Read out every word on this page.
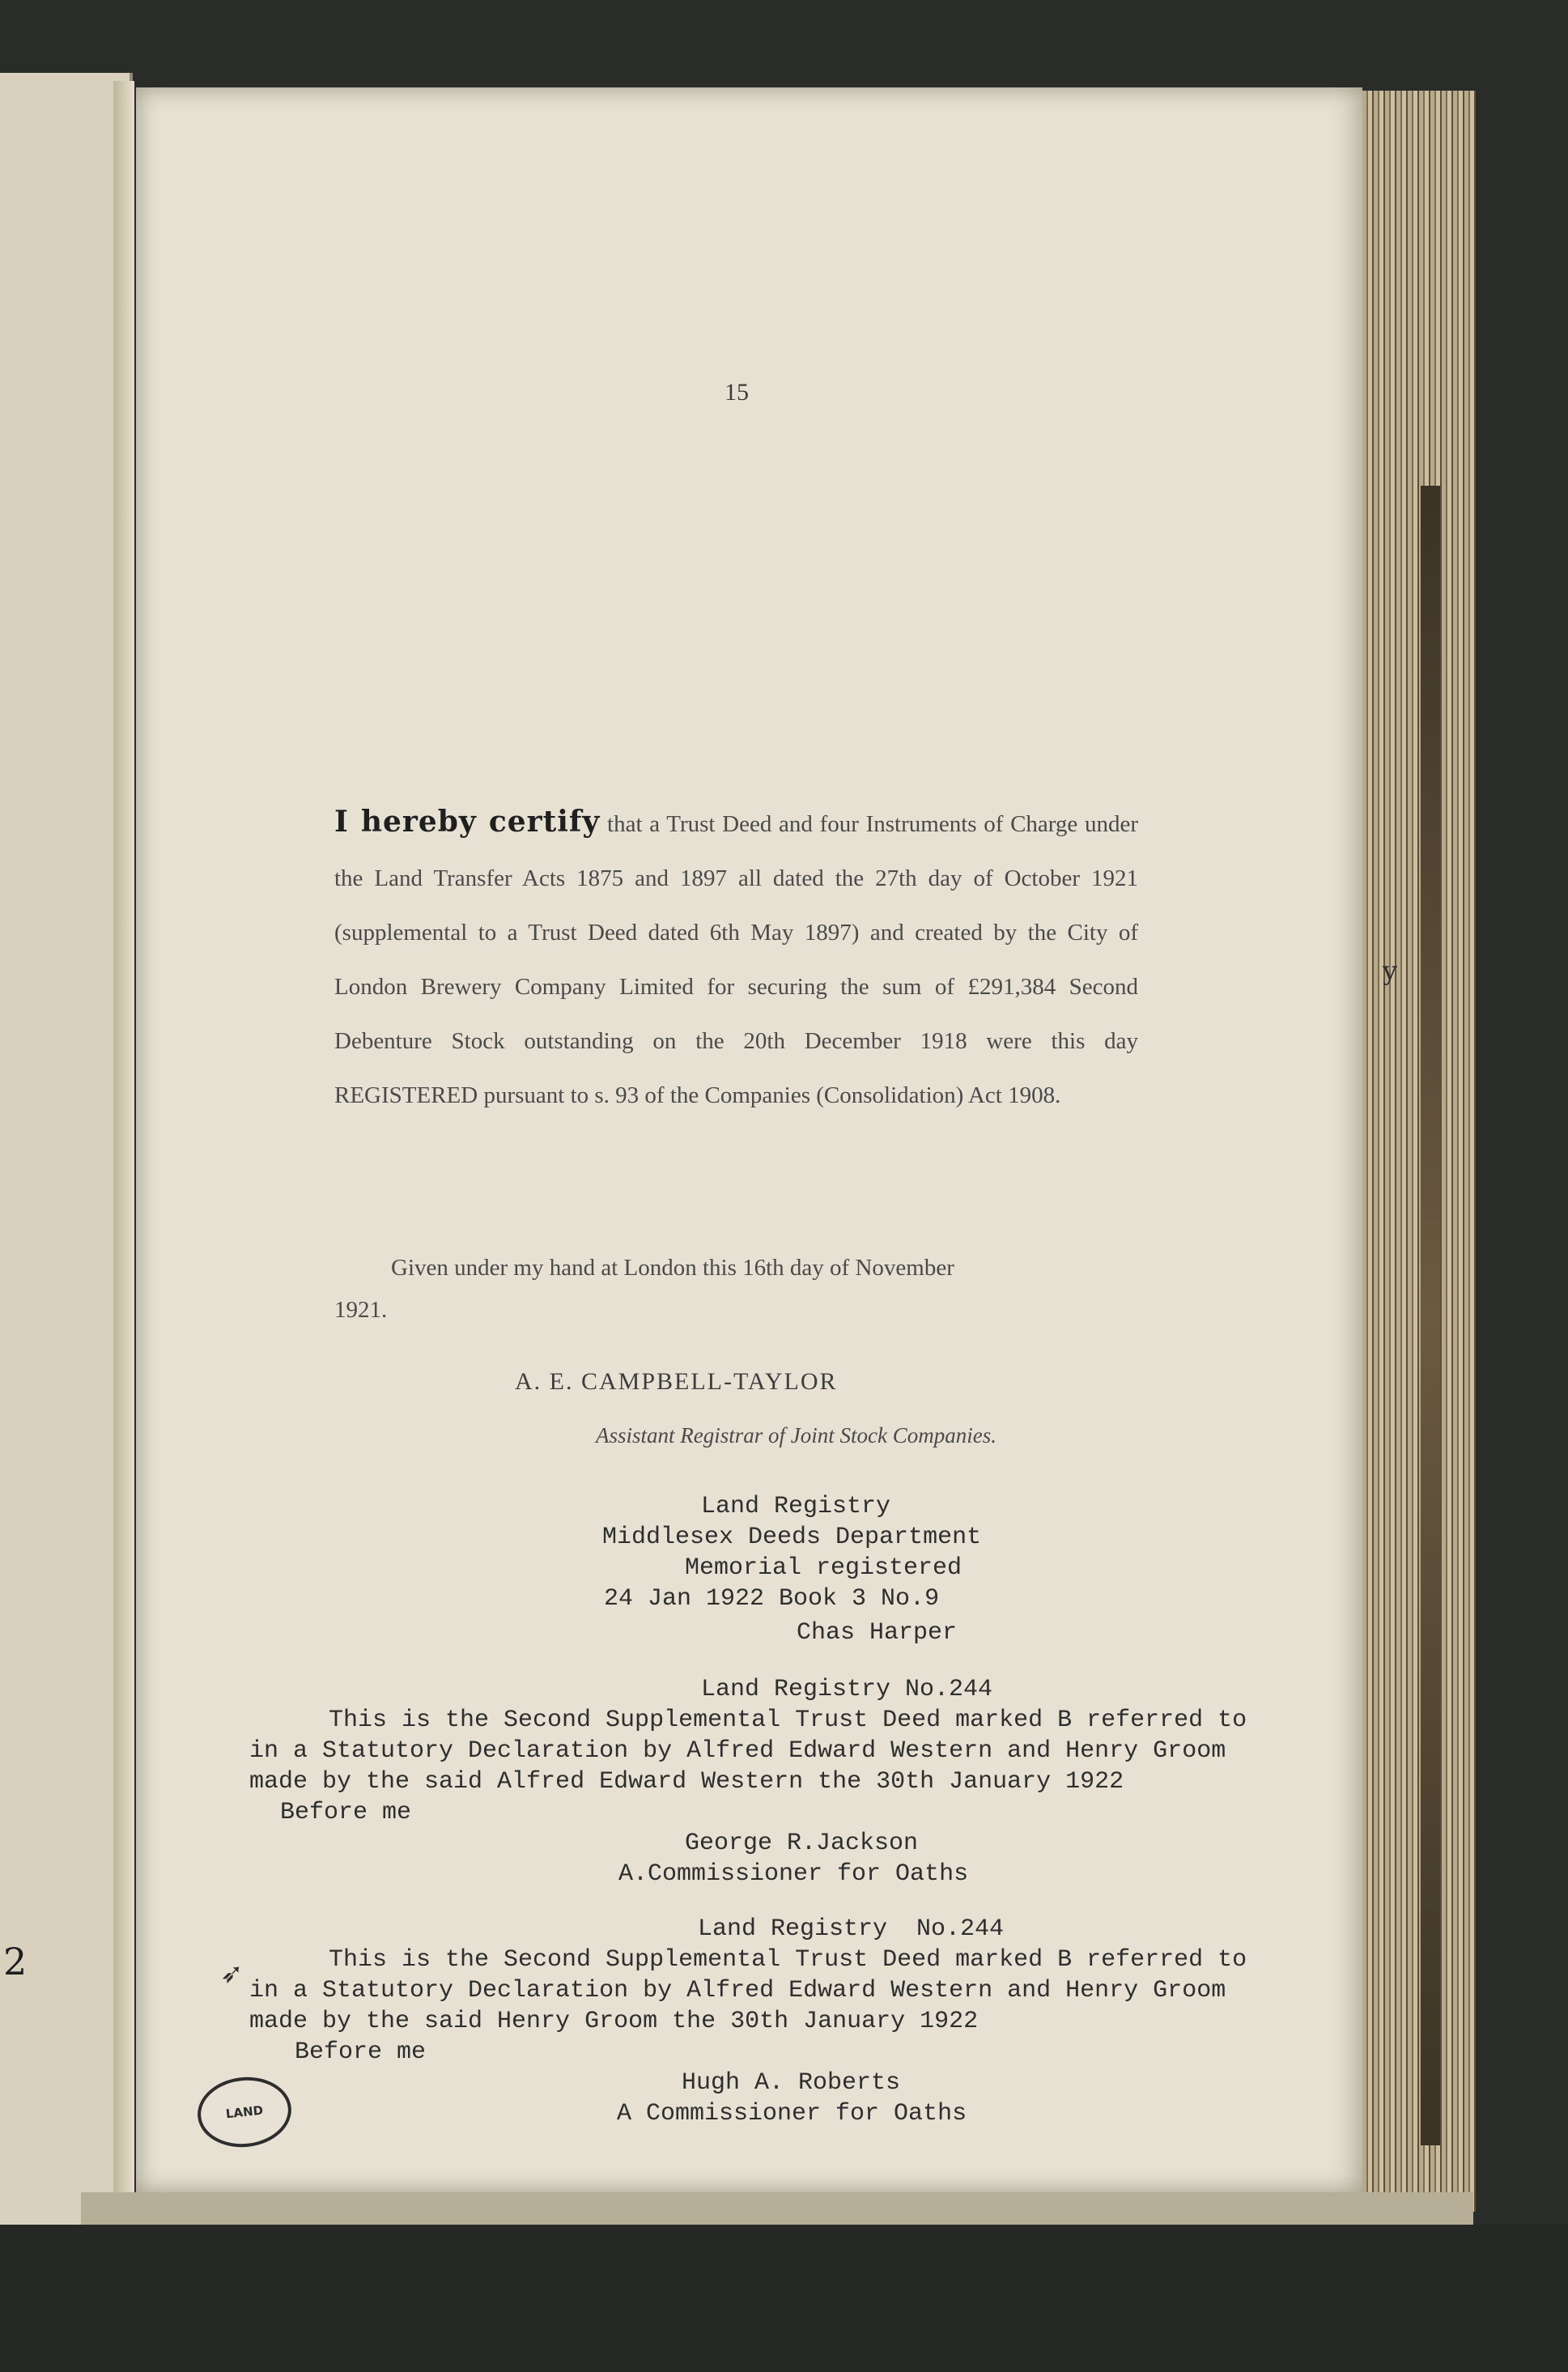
15
I hereby certify that a Trust Deed and four Instruments of Charge under the Land Transfer Acts 1875 and 1897 all dated the 27th day of October 1921 (supplemental to a Trust Deed dated 6th May 1897) and created by the City of London Brewery Company Limited for securing the sum of £291,384 Second Debenture Stock outstanding on the 20th December 1918 were this day REGISTERED pursuant to s. 93 of the Companies (Consolidation) Act 1908.
Given under my hand at London this 16th day of November
1921.
A. E. CAMPBELL-TAYLOR
Assistant Registrar of Joint Stock Companies.
Land Registry
Middlesex Deeds Department
Memorial registered
24 Jan 1922 Book 3 No.9
Chas Harper
Land Registry No.244
This is the Second Supplemental Trust Deed marked B referred to
in a Statutory Declaration by Alfred Edward Western and Henry Groom
made by the said Alfred Edward Western the 30th January 1922
Before me
George R.Jackson
A.Commissioner for Oaths
Land Registry  No.244
This is the Second Supplemental Trust Deed marked B referred to
in a Statutory Declaration by Alfred Edward Western and Henry Groom
made by the said Henry Groom the 30th January 1922
Before me
Hugh A. Roberts
A Commissioner for Oaths
➶
LAND
2
y
